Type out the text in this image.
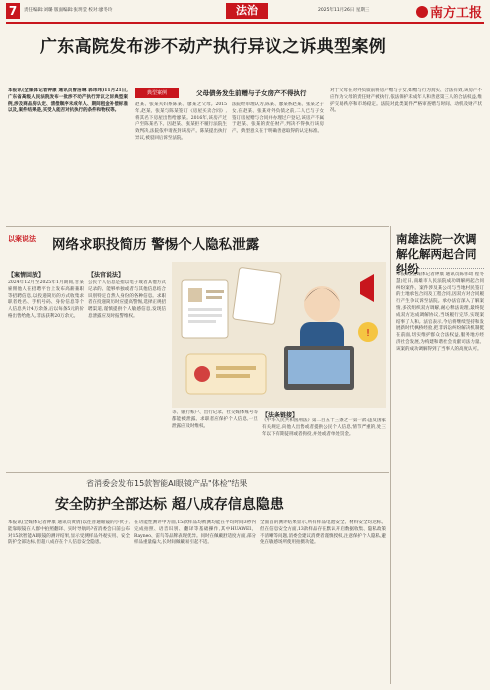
7	责任编辑:刘璐 版面编辑:张玥莹 校对:廖冬玲	法治	2025年11月26日 星期三	南方工报
广东高院发布涉不动产执行异议之诉典型案例
本报讯(全媒体记者钟康 通讯员曾洁琳 郭玮玮)11月21日,广东省高级人民法院发布一批涉不动产执行异议之诉典型案例,涉及商品房认定、清偿顺序未成年人、期间租金补偿标准以及,案件结果是,买受人能否对抗执行的条件和物权等。
典型案例	父母债务发生前赠与子女房产不得执行
赵某、张某夫妇系陈某、廖某之父母。2015年,赵某、张某与陈某签订《房屋买卖合同》,将其名下房屋出售给廖某。2016年,该房产过户至陈某名下。因赵某、张某拒不履行法院生效判决,法院依申请查封该房产。陈某提出执行异议,被驳回后诉至法院。
法院经审理认为,陈某、廖某系赵某、张某之子女,在赵某、张某对外负债之前,二人已与子女签订房屋赠与合同并办理过户登记,该房产不属于赵某、张某的责任财产,判决不得执行该房产。典型意义在于明确善意取得的认定标准。
对于父母在对外负债前将房产赠与子女,如赠与行为真实、合法有效,该房产不应作为父母的责任财产被执行,依法保护未成年人和善意第三人的合法权益,维护交易秩序和市场稳定。法院对此类案件严格审查赠与时间、动机及财产状况。
以案说法 网络求职投简历 警惕个人隐私泄露
【案情回放】
2024年12月至2025年1月期间,甘某雇佣他人在招聘平台上发布高薪兼职等招聘信息,以投递简历的方式收集求职者姓名、手机号码、身份信息等个人信息共计4万余条,后以每条5元的价格出售给他人,非法获利20万余元。
【法官说法】
公民个人信息是指以电子或者其他方式记录的、能够单独或者与其他信息结合识别特定自然人身份的各种信息。求职者在投递简历时应提高警惕,选择正规招聘渠道,谨慎提供个人敏感信息,发现信息泄露应及时报警维权。
!
等、银行账户、出行记录、社交媒体账号等都能被泄露。求职者应保护个人信息,一旦泄露应及时维权。
【法条链接】
《中华人民共和国刑法》第二百五十三条之一第一款:违反国家有关规定,向他人出售或者提供公民个人信息,情节严重的,处三年以下有期徒刑或者拘役,并处或者单处罚金。
省消委会发布15款智能AI眼镜产品"体检"结果
安全防护全部达标 超八成存信息隐患
本报讯(全媒体记者钟康 通讯员黄倩)以往普通眼镜的小伙子,能靠眼镜在人群中拍照翻译、实时导航吗?省消委会日前公布对15款智能AI眼镜的测评结果,显示受测样品外观实用、安全防护全部达标,但超八成存在个人信息安全隐患。
在功能性测评中方面,15款样品均被测均能在平均时间3秒内完成拍照、语音识别、翻译等基础操作,其中HUAWEI、Rayneo、雷鸟等品牌表现优异。同时在佩戴舒适度方面,部分样品重量偏大,长时间佩戴易引起不适。
全面首的测评结果显示,所有样品电池安全、材料安全均达标。但在信息安全方面,13款样品存在默认开启数据收集、隐私政策不清晰等问题,消委会建议消费者谨慎授权,注意保护个人隐私,避免在敏感场所使用拍摄功能。
南雄法院一次调解化解两起合同纠纷
本报讯(全媒体记者钟康 通讯员陈伟琦 程冬慧)近日,南雄市人民法院成功调解两起合同纠纷案件。案件涉及某公司与当地村民签订的土地承包合同及工程合同,因双方对合同履行产生争议诉至法院。承办法官深入了解案情,多次组织双方调解,耐心释法说理,最终促成双方达成调解协议,当场履行完毕,实现案结事了人和。法官表示,今后将继续坚持和发展新时代枫桥经验,把非诉讼纠纷解决机制挺在前面,切实维护群众合法权益,服务地方经济社会发展,为构建和谐社会贡献司法力量。该案的成功调解得到了当事人的高度认可。
